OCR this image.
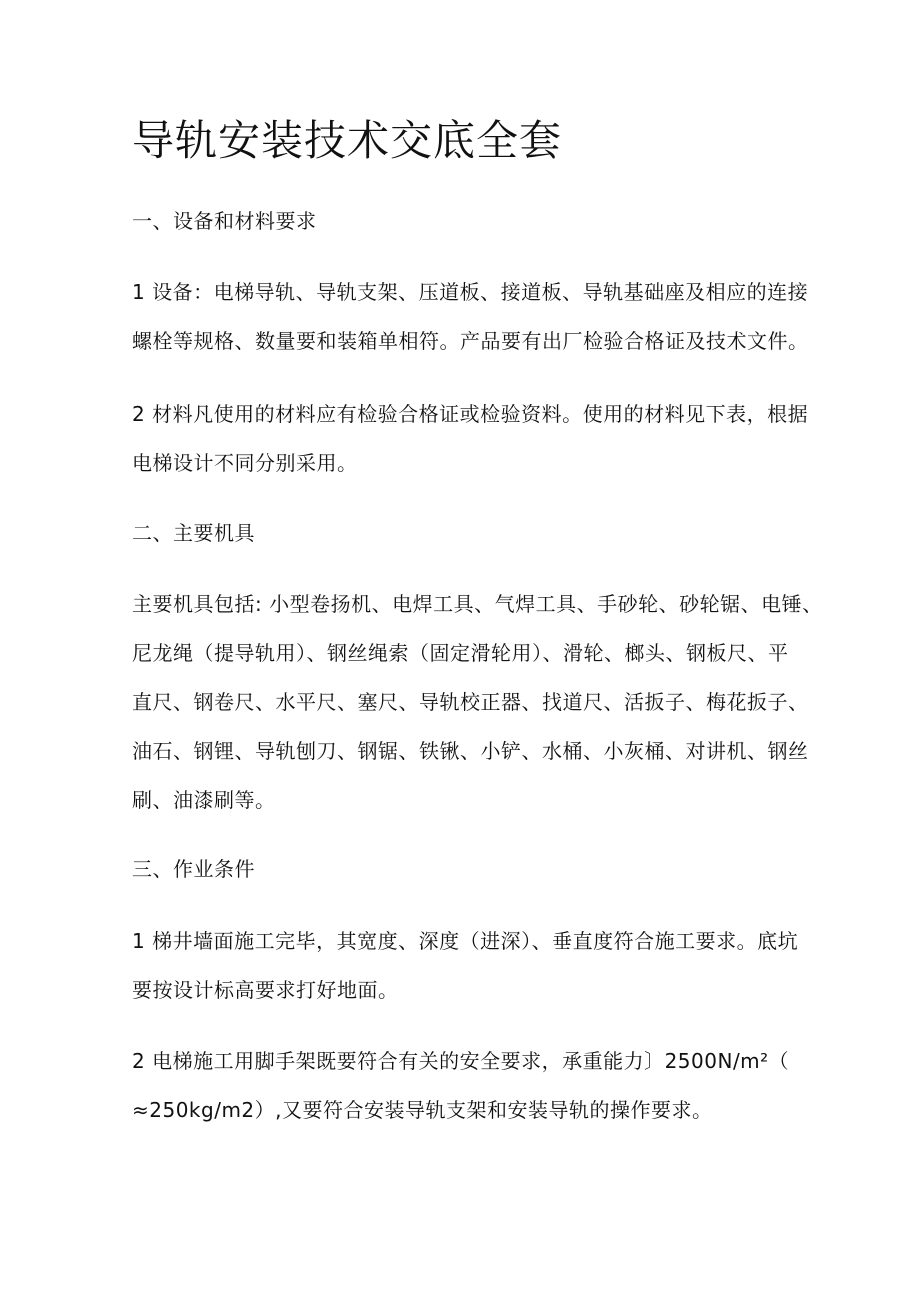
导轨安装技术交底全套

一、设备和材料要求

1 设备：电梯导轨、导轨支架、压道板、接道板、导轨基础座及相应的连接

螺栓等规格、数量要和装箱单相符。产品要有出厂检验合格证及技术文件。

2 材料凡使用的材料应有检验合格证或检验资料。使用的材料见下表，根据

电梯设计不同分别采用。

二、主要机具

主要机具包括: 小型卷扬机、电焊工具、气焊工具、手砂轮、砂轮锯、电锤、

尼龙绳（提导轨用）、钢丝绳索（固定滑轮用）、滑轮、榔头、钢板尺、平

直尺、钢卷尺、水平尺、塞尺、导轨校正器、找道尺、活扳子、梅花扳子、

油石、钢锂、导轨刨刀、钢锯、铁锹、小铲、水桶、小灰桶、对讲机、钢丝

刷、油漆刷等。

三、作业条件

1 梯井墙面施工完毕，其宽度、深度（进深）、垂直度符合施工要求。底坑

要按设计标高要求打好地面。

2 电梯施工用脚手架既要符合有关的安全要求，承重能力〕2500N/m²（

≈250kg/m2）,又要符合安装导轨支架和安装导轨的操作要求。
